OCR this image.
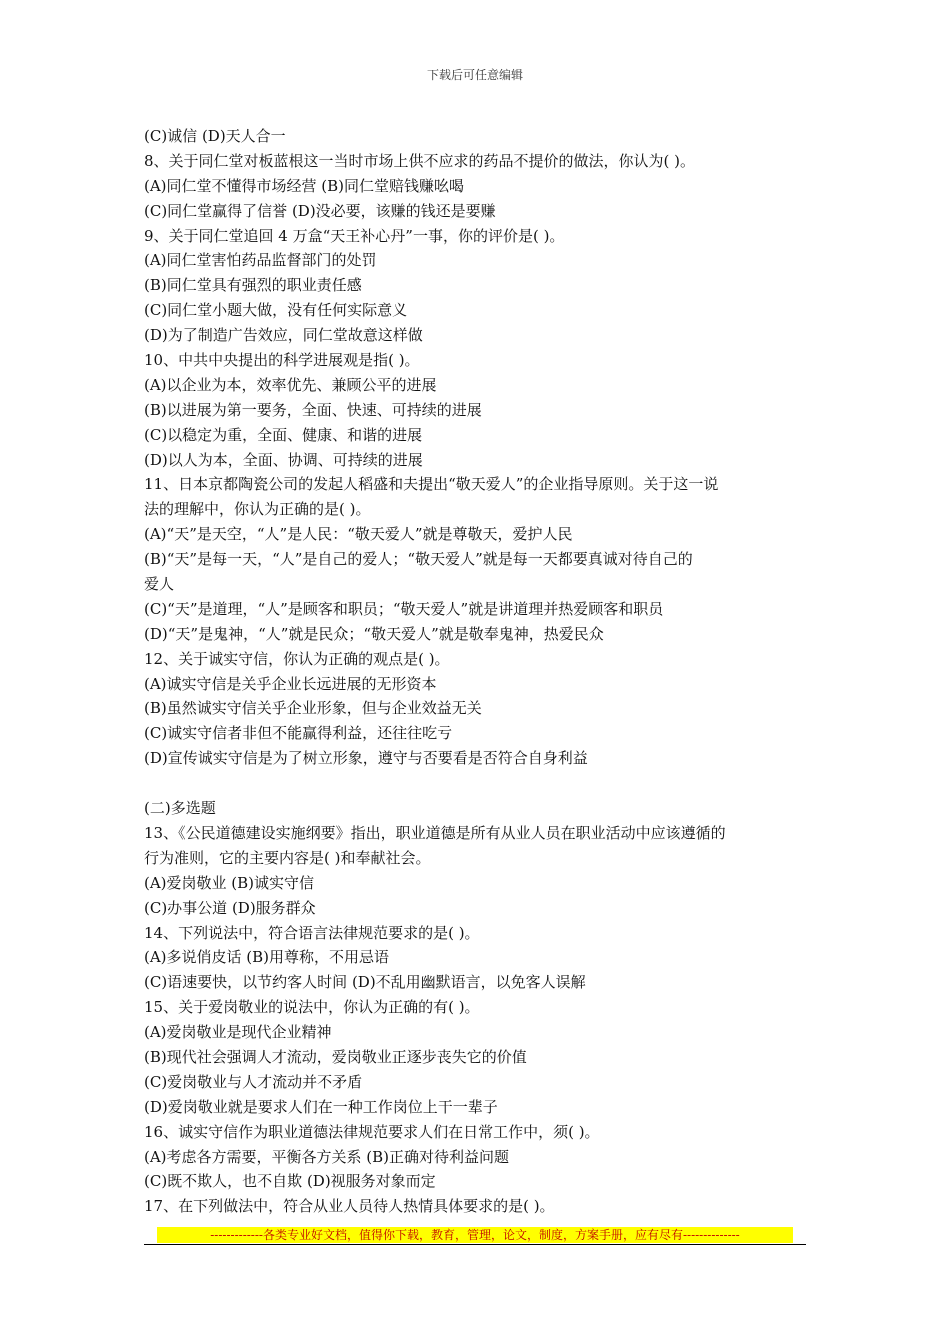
下载后可任意编辑
(C)诚信 (D)天人合一
8、关于同仁堂对板蓝根这一当时市场上供不应求的药品不提价的做法，你认为( )。
(A)同仁堂不懂得市场经营 (B)同仁堂赔钱赚吆喝
(C)同仁堂赢得了信誉 (D)没必要，该赚的钱还是要赚
9、关于同仁堂追回 4 万盒“天王补心丹”一事，你的评价是( )。
(A)同仁堂害怕药品监督部门的处罚
(B)同仁堂具有强烈的职业责任感
(C)同仁堂小题大做，没有任何实际意义
(D)为了制造广告效应，同仁堂故意这样做
10、中共中央提出的科学进展观是指( )。
(A)以企业为本，效率优先、兼顾公平的进展
(B)以进展为第一要务，全面、快速、可持续的进展
(C)以稳定为重，全面、健康、和谐的进展
(D)以人为本，全面、协调、可持续的进展
11、日本京都陶瓷公司的发起人稻盛和夫提出“敬天爱人”的企业指导原则。关于这一说
法的理解中，你认为正确的是( )。
(A)“天”是天空，“人”是人民：“敬天爱人”就是尊敬天，爱护人民
(B)“天”是每一天，“人”是自己的爱人；“敬天爱人”就是每一天都要真诚对待自己的
爱人
(C)“天”是道理，“人”是顾客和职员；“敬天爱人”就是讲道理并热爱顾客和职员
(D)“天”是鬼神，“人”就是民众；“敬天爱人”就是敬奉鬼神，热爱民众
12、关于诚实守信，你认为正确的观点是( )。
(A)诚实守信是关乎企业长远进展的无形资本
(B)虽然诚实守信关乎企业形象，但与企业效益无关
(C)诚实守信者非但不能赢得利益，还往往吃亏
(D)宣传诚实守信是为了树立形象，遵守与否要看是否符合自身利益
(二)多选题
13、《公民道德建设实施纲要》指出，职业道德是所有从业人员在职业活动中应该遵循的
行为准则，它的主要内容是( )和奉献社会。
(A)爱岗敬业 (B)诚实守信
(C)办事公道 (D)服务群众
14、下列说法中，符合语言法律规范要求的是( )。
(A)多说俏皮话 (B)用尊称，不用忌语
(C)语速要快，以节约客人时间 (D)不乱用幽默语言，以免客人误解
15、关于爱岗敬业的说法中，你认为正确的有( )。
(A)爱岗敬业是现代企业精神
(B)现代社会强调人才流动，爱岗敬业正逐步丧失它的价值
(C)爱岗敬业与人才流动并不矛盾
(D)爱岗敬业就是要求人们在一种工作岗位上干一辈子
16、诚实守信作为职业道德法律规范要求人们在日常工作中，须( )。
(A)考虑各方需要，平衡各方关系 (B)正确对待利益问题
(C)既不欺人，也不自欺 (D)视服务对象而定
17、在下列做法中，符合从业人员待人热情具体要求的是( )。
-------------各类专业好文档，值得你下载，教育，管理，论文，制度，方案手册，应有尽有--------------
